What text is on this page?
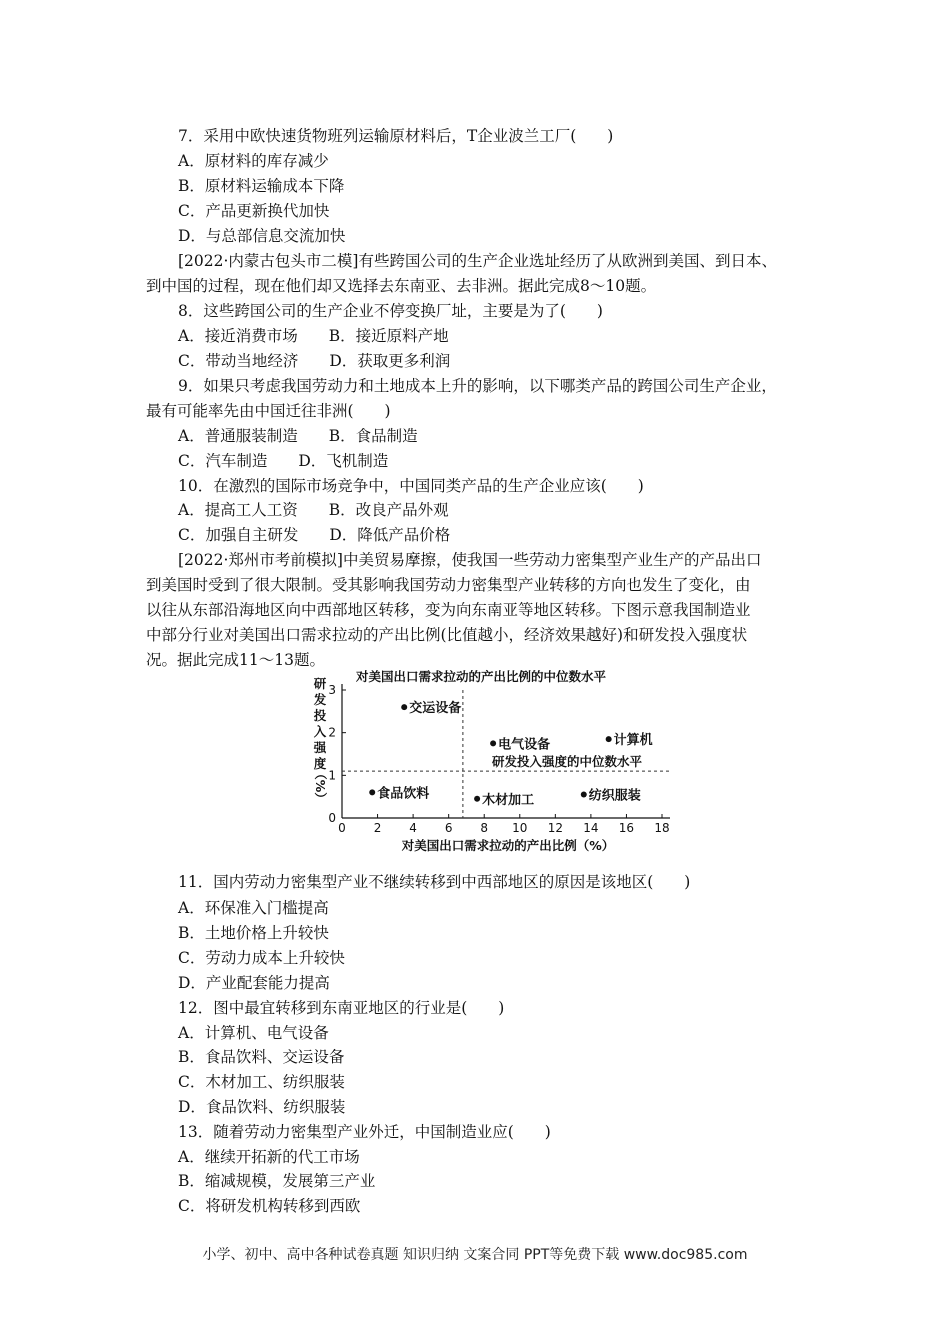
7．采用中欧快速货物班列运输原材料后，T企业波兰工厂(　　)
A．原材料的库存减少
B．原材料运输成本下降
C．产品更新换代加快
D．与总部信息交流加快
[2022·内蒙古包头市二模]有些跨国公司的生产企业选址经历了从欧洲到美国、到日本、
到中国的过程，现在他们却又选择去东南亚、去非洲。据此完成8～10题。
8．这些跨国公司的生产企业不停变换厂址，主要是为了(　　)
A．接近消费市场　　B．接近原料产地
C．带动当地经济　　D．获取更多利润
9．如果只考虑我国劳动力和土地成本上升的影响，以下哪类产品的跨国公司生产企业，
最有可能率先由中国迁往非洲(　　)
A．普通服装制造　　B．食品制造
C．汽车制造　　D．飞机制造
10．在激烈的国际市场竞争中，中国同类产品的生产企业应该(　　)
A．提高工人工资　　B．改良产品外观
C．加强自主研发　　D．降低产品价格
[2022·郑州市考前模拟]中美贸易摩擦，使我国一些劳动力密集型产业生产的产品出口
到美国时受到了很大限制。受其影响我国劳动力密集型产业转移的方向也发生了变化，由
以往从东部沿海地区向中西部地区转移，变为向东南亚等地区转移。下图示意我国制造业
中部分行业对美国出口需求拉动的产出比例(比值越小，经济效果越好)和研发投入强度状
况。据此完成11～13题。
对美国出口需求拉动的产出比例的中位数水平
0 2 4 6 8 10 12 14 16 18
0
1
2
3
研
发
投
入
强
度
（%）
对美国出口需求拉动的产出比例（%）
研发投入强度的中位数水平
交运设备
电气设备	计算机
食品饮料	木材加工	纺织服装
11．国内劳动力密集型产业不继续转移到中西部地区的原因是该地区(　　)
A．环保准入门槛提高
B．土地价格上升较快
C．劳动力成本上升较快
D．产业配套能力提高
12．图中最宜转移到东南亚地区的行业是(　　)
A．计算机、电气设备
B．食品饮料、交运设备
C．木材加工、纺织服装
D．食品饮料、纺织服装
13．随着劳动力密集型产业外迁，中国制造业应(　　)
A．继续开拓新的代工市场
B．缩减规模，发展第三产业
C．将研发机构转移到西欧
小学、初中、高中各种试卷真题 知识归纳 文案合同 PPT等免费下载 www.doc985.com
